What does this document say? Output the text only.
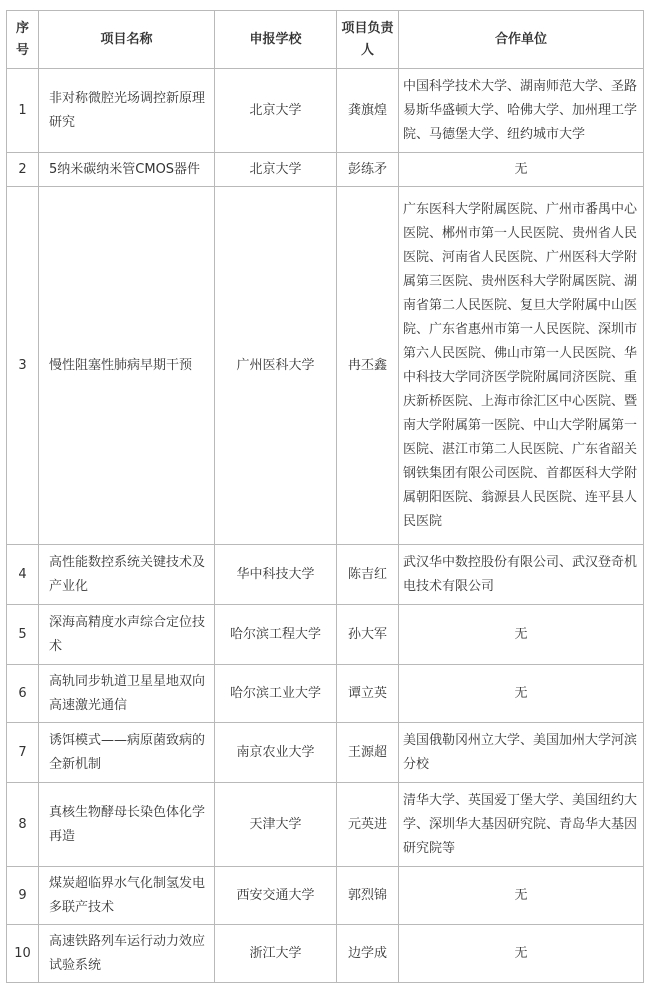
序号	项目名称	申报学校	项目负责人	合作单位
1	非对称微腔光场调控新原理研究	北京大学	龚旗煌	中国科学技术大学、湖南师范大学、圣路易斯华盛顿大学、哈佛大学、加州理工学院、马德堡大学、纽约城市大学
2	5纳米碳纳米管CMOS器件	北京大学	彭练矛	无
3	慢性阻塞性肺病早期干预	广州医科大学	冉丕鑫	广东医科大学附属医院、广州市番禺中心医院、郴州市第一人民医院、贵州省人民医院、河南省人民医院、广州医科大学附属第三医院、贵州医科大学附属医院、湖南省第二人民医院、复旦大学附属中山医院、广东省惠州市第一人民医院、深圳市第六人民医院、佛山市第一人民医院、华中科技大学同济医学院附属同济医院、重庆新桥医院、上海市徐汇区中心医院、暨南大学附属第一医院、中山大学附属第一医院、湛江市第二人民医院、广东省韶关钢铁集团有限公司医院、首都医科大学附属朝阳医院、翁源县人民医院、连平县人民医院
4	高性能数控系统关键技术及产业化	华中科技大学	陈吉红	武汉华中数控股份有限公司、武汉登奇机电技术有限公司
5	深海高精度水声综合定位技术	哈尔滨工程大学	孙大军	无
6	高轨同步轨道卫星星地双向高速激光通信	哈尔滨工业大学	谭立英	无
7	诱饵模式——病原菌致病的全新机制	南京农业大学	王源超	美国俄勒冈州立大学、美国加州大学河滨分校
8	真核生物酵母长染色体化学再造	天津大学	元英进	清华大学、英国爱丁堡大学、美国纽约大学、深圳华大基因研究院、青岛华大基因研究院等
9	煤炭超临界水气化制氢发电多联产技术	西安交通大学	郭烈锦	无
10	高速铁路列车运行动力效应试验系统	浙江大学	边学成	无
